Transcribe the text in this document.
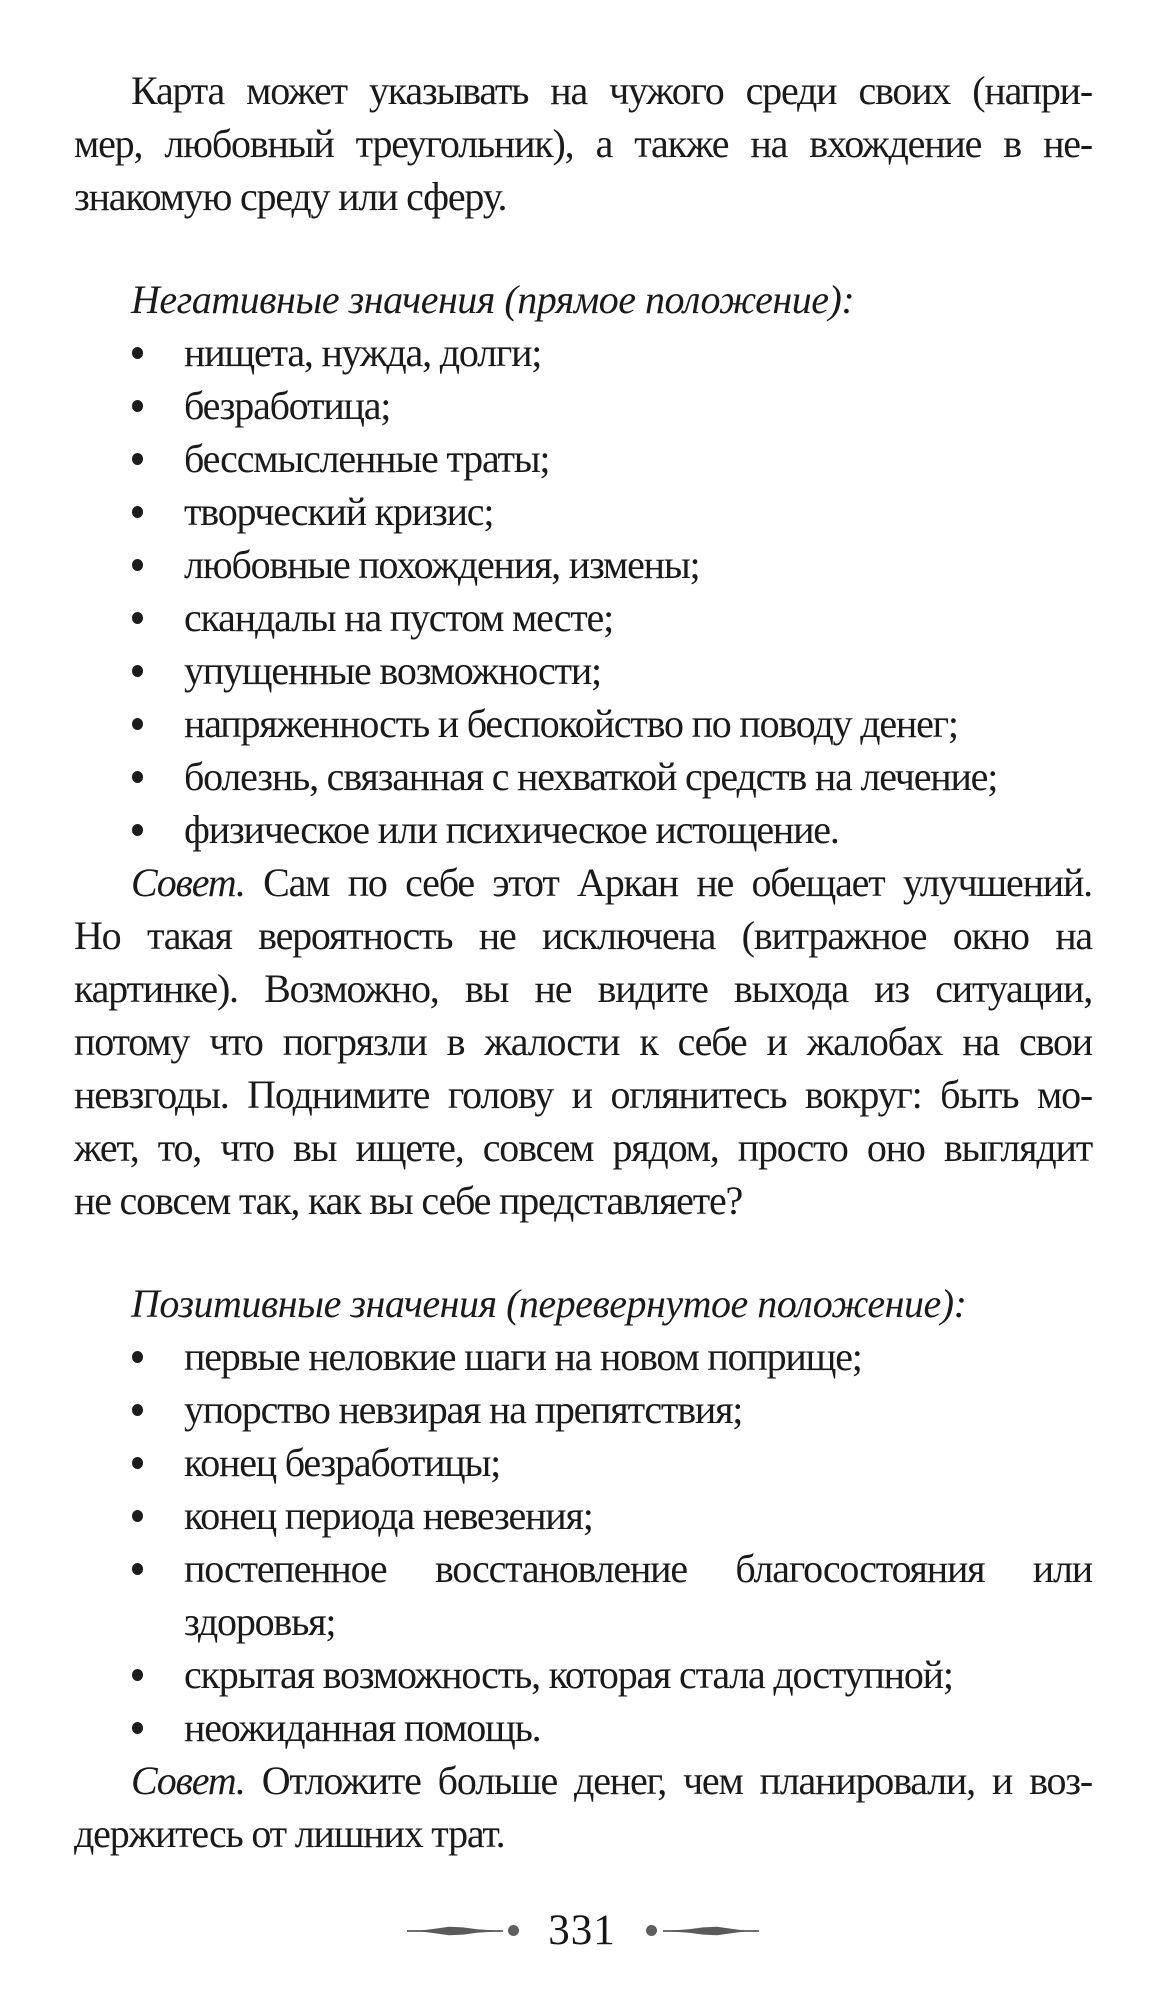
Карта может указывать на чужого среди своих (напри-
мер, любовный треугольник), а также на вхождение в не-
знакомую среду или сферу.

Негативные значения (прямое положение):
нищета, нужда, долги;
безработица;
бессмысленные траты;
творческий кризис;
любовные похождения, измены;
скандалы на пустом месте;
упущенные возможности;
напряженность и беспокойство по поводу денег;
болезнь, связанная с нехваткой средств на лечение;
физическое или психическое истощение.

Совет. Сам по себе этот Аркан не обещает улучшений.
Но такая вероятность не исключена (витражное окно на
картинке). Возможно, вы не видите выхода из ситуации,
потому что погрязли в жалости к себе и жалобах на свои
невзгоды. Поднимите голову и оглянитесь вокруг: быть мо-
жет, то, что вы ищете, совсем рядом, просто оно выглядит
не совсем так, как вы себе представляете?

Позитивные значения (перевернутое положение):
первые неловкие шаги на новом поприще;
упорство невзирая на препятствия;
конец безработицы;
конец периода невезения;
постепенное восстановление благосостояния или
здоровья;
скрытая возможность, которая стала доступной;
неожиданная помощь.

Совет. Отложите больше денег, чем планировали, и воз-
держитесь от лишних трат.

331
